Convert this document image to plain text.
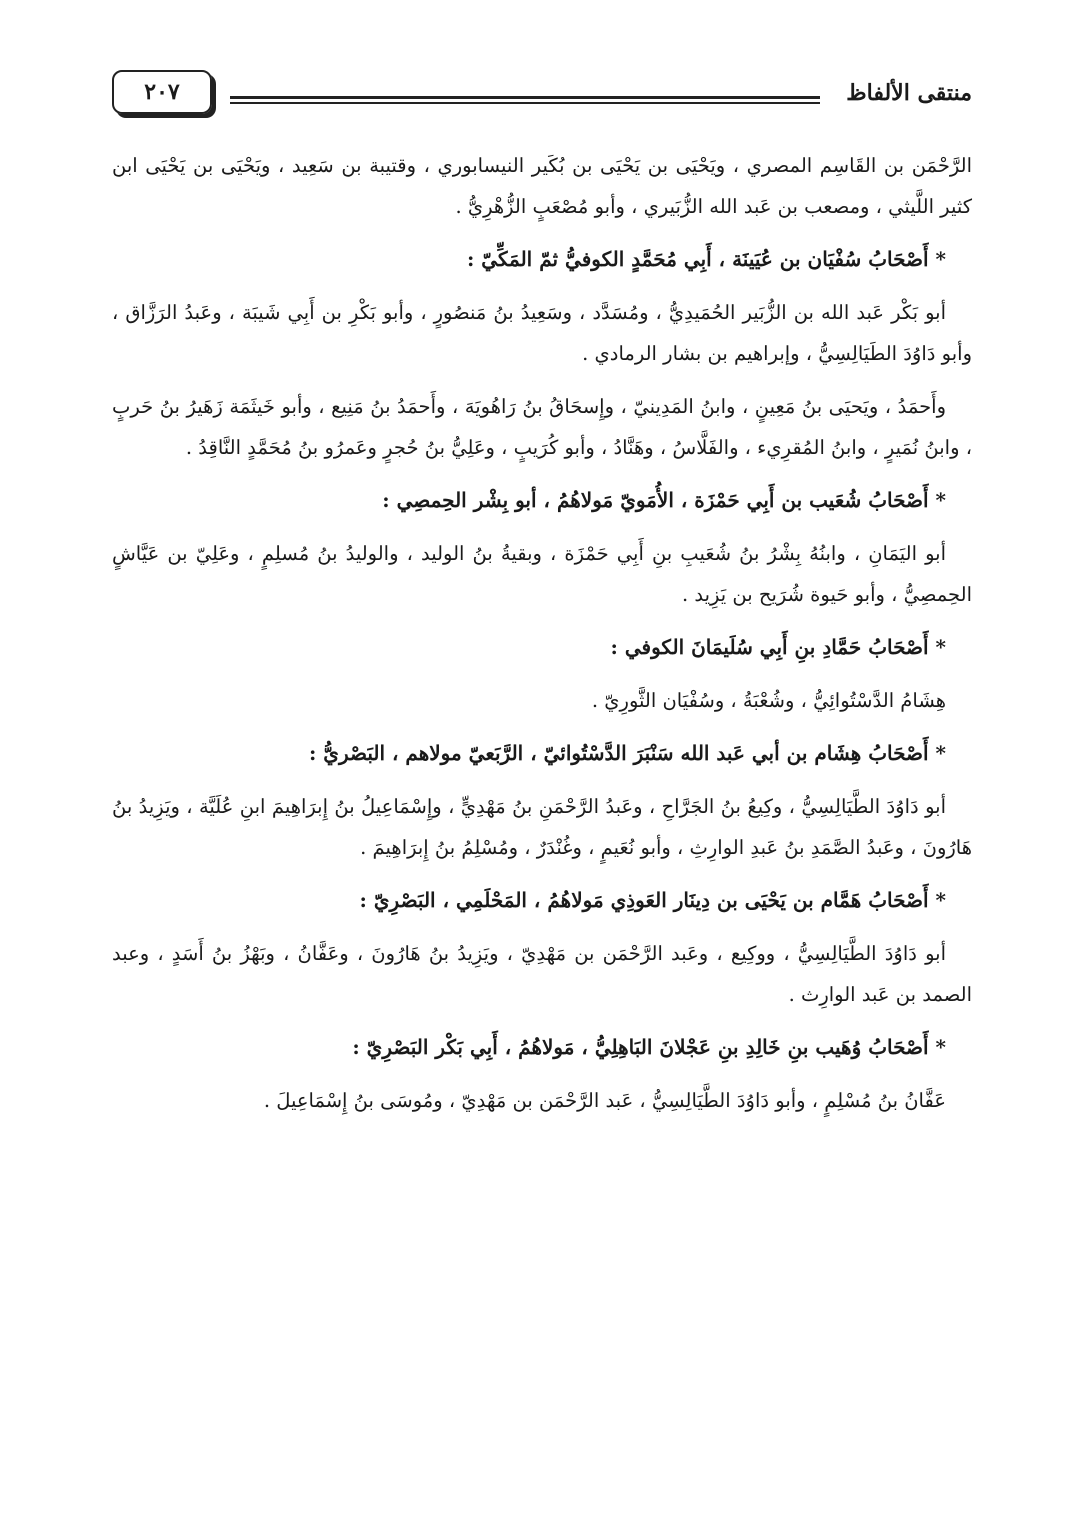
٢٠٧	منتقى الألفاظ

الرَّحْمَن بن القَاسِم المصري ، ويَحْيَى بن يَحْيَى بن بُكَير النيسابوري ، وقتيبة بن سَعِيد ، ويَحْيَى بن يَحْيَى ابن كثير اللَّيثي ، ومصعب بن عَبد الله الزُّبَيري ، وأبو مُصْعَبٍ الزُّهْرِيُّ .

* أَصْحَابُ سُفْيَان بن عُيَينَة ، أَبِي مُحَمَّدٍ الكوفيُّ ثمّ المَكِّيّ :

أبو بَكْر عَبد الله بن الزُّبَير الحُمَيدِيُّ ، ومُسَدَّد ، وسَعِيدُ بنُ مَنصُورٍ ، وأبو بَكْرِ بن أَبِي شَيبَة ، وعَبدُ الرَزَّاق ، وأبو دَاوُدَ الطَيَالِسِيُّ ، وإبراهيم بن بشار الرمادي .

وأَحمَدُ ، ويَحيَى بنُ مَعِينٍ ، وابنُ المَدِينيّ ، وإِسحَاقُ بنُ رَاهُويَهَ ، وأَحمَدُ بنُ مَنِيع ، وأبو خَيثَمَة زَهَيرُ بنُ حَربٍ ، وابنُ نُمَيرٍ ، وابنُ المُقرِيء ، والفَلَّاسُ ، وهَنَّادُ ، وأبو كُرَيبٍ ، وعَلِيُّ بنُ حُجرٍ وعَمرُو بنُ مُحَمَّدٍ النَّاقِدُ .

* أَصْحَابُ شُعَيب بن أَبِي حَمْزَة ، الأُمَويّ مَولاهُمُ ، أبو بِشْر الحِمصِي :

أبو اليَمَانِ ، وابنُهُ بِشْرُ بنُ شُعَيبِ بنِ أَبِي حَمْزَة ، وبقيةُ بنُ الوليد ، والوليدُ بنُ مُسلِمٍ ، وعَلِيّ بن عَيَّاشٍ الحِمصِيُّ ، وأبو حَيوة شُرَيح بن يَزِيد .

* أَصْحَابُ حَمَّادِ بنِ أَبِي سُلَيمَانَ الكوفي :

هِشَامُ الدَّسْتُوائِيُّ ، وشُعْبَةُ ، وسُفْيَان الثَّورِيّ .

* أَصْحَابُ هِشَام بن أبي عَبد الله سَنْبَرَ الدَّسْتُوائيّ ، الرَّبَعيّ مولاهم ، البَصْريُّ :

أبو دَاوُدَ الطَّيَالِسِيُّ ، وكِيعُ بنُ الجَرَّاحِ ، وعَبدُ الرَّحْمَنِ بنُ مَهْدِيٍّ ، وإِسْمَاعِيلُ بنُ إِبرَاهِيمَ ابنِ عُلَيَّة ، ويَزِيدُ بنُ هَارُونَ ، وعَبدُ الصَّمَدِ بنُ عَبدِ الوارِثِ ، وأبو نُعَيمٍ ، وغُنْدَرٌ ، ومُسْلِمُ بنُ إِبرَاهِيمَ .

* أَصْحَابُ هَمَّام بن يَحْيَى بن دِينَار العَوذِي مَولاهُمُ ، المَحْلَمِي ، البَصْرِيّ :

أبو دَاوُدَ الطَّيَالِسِيُّ ، ووكِيع ، وعَبد الرَّحْمَن بن مَهْدِيّ ، ويَزِيدُ بنُ هَارُونَ ، وعَفَّانُ ، وبَهْزُ بنُ أَسَدٍ ، وعبد الصمد بن عَبد الوارِث .

* أَصْحَابُ وُهَيب بنِ خَالِدِ بنِ عَجْلانَ البَاهِلِيُّ ، مَولاهُمُ ، أَبِي بَكْر البَصْرِيّ :

عَفَّانُ بنُ مُسْلِمٍ ، وأبو دَاوُدَ الطَّيَالِسِيُّ ، عَبد الرَّحْمَن بن مَهْدِيّ ، ومُوسَى بنُ إِسْمَاعِيلَ .
